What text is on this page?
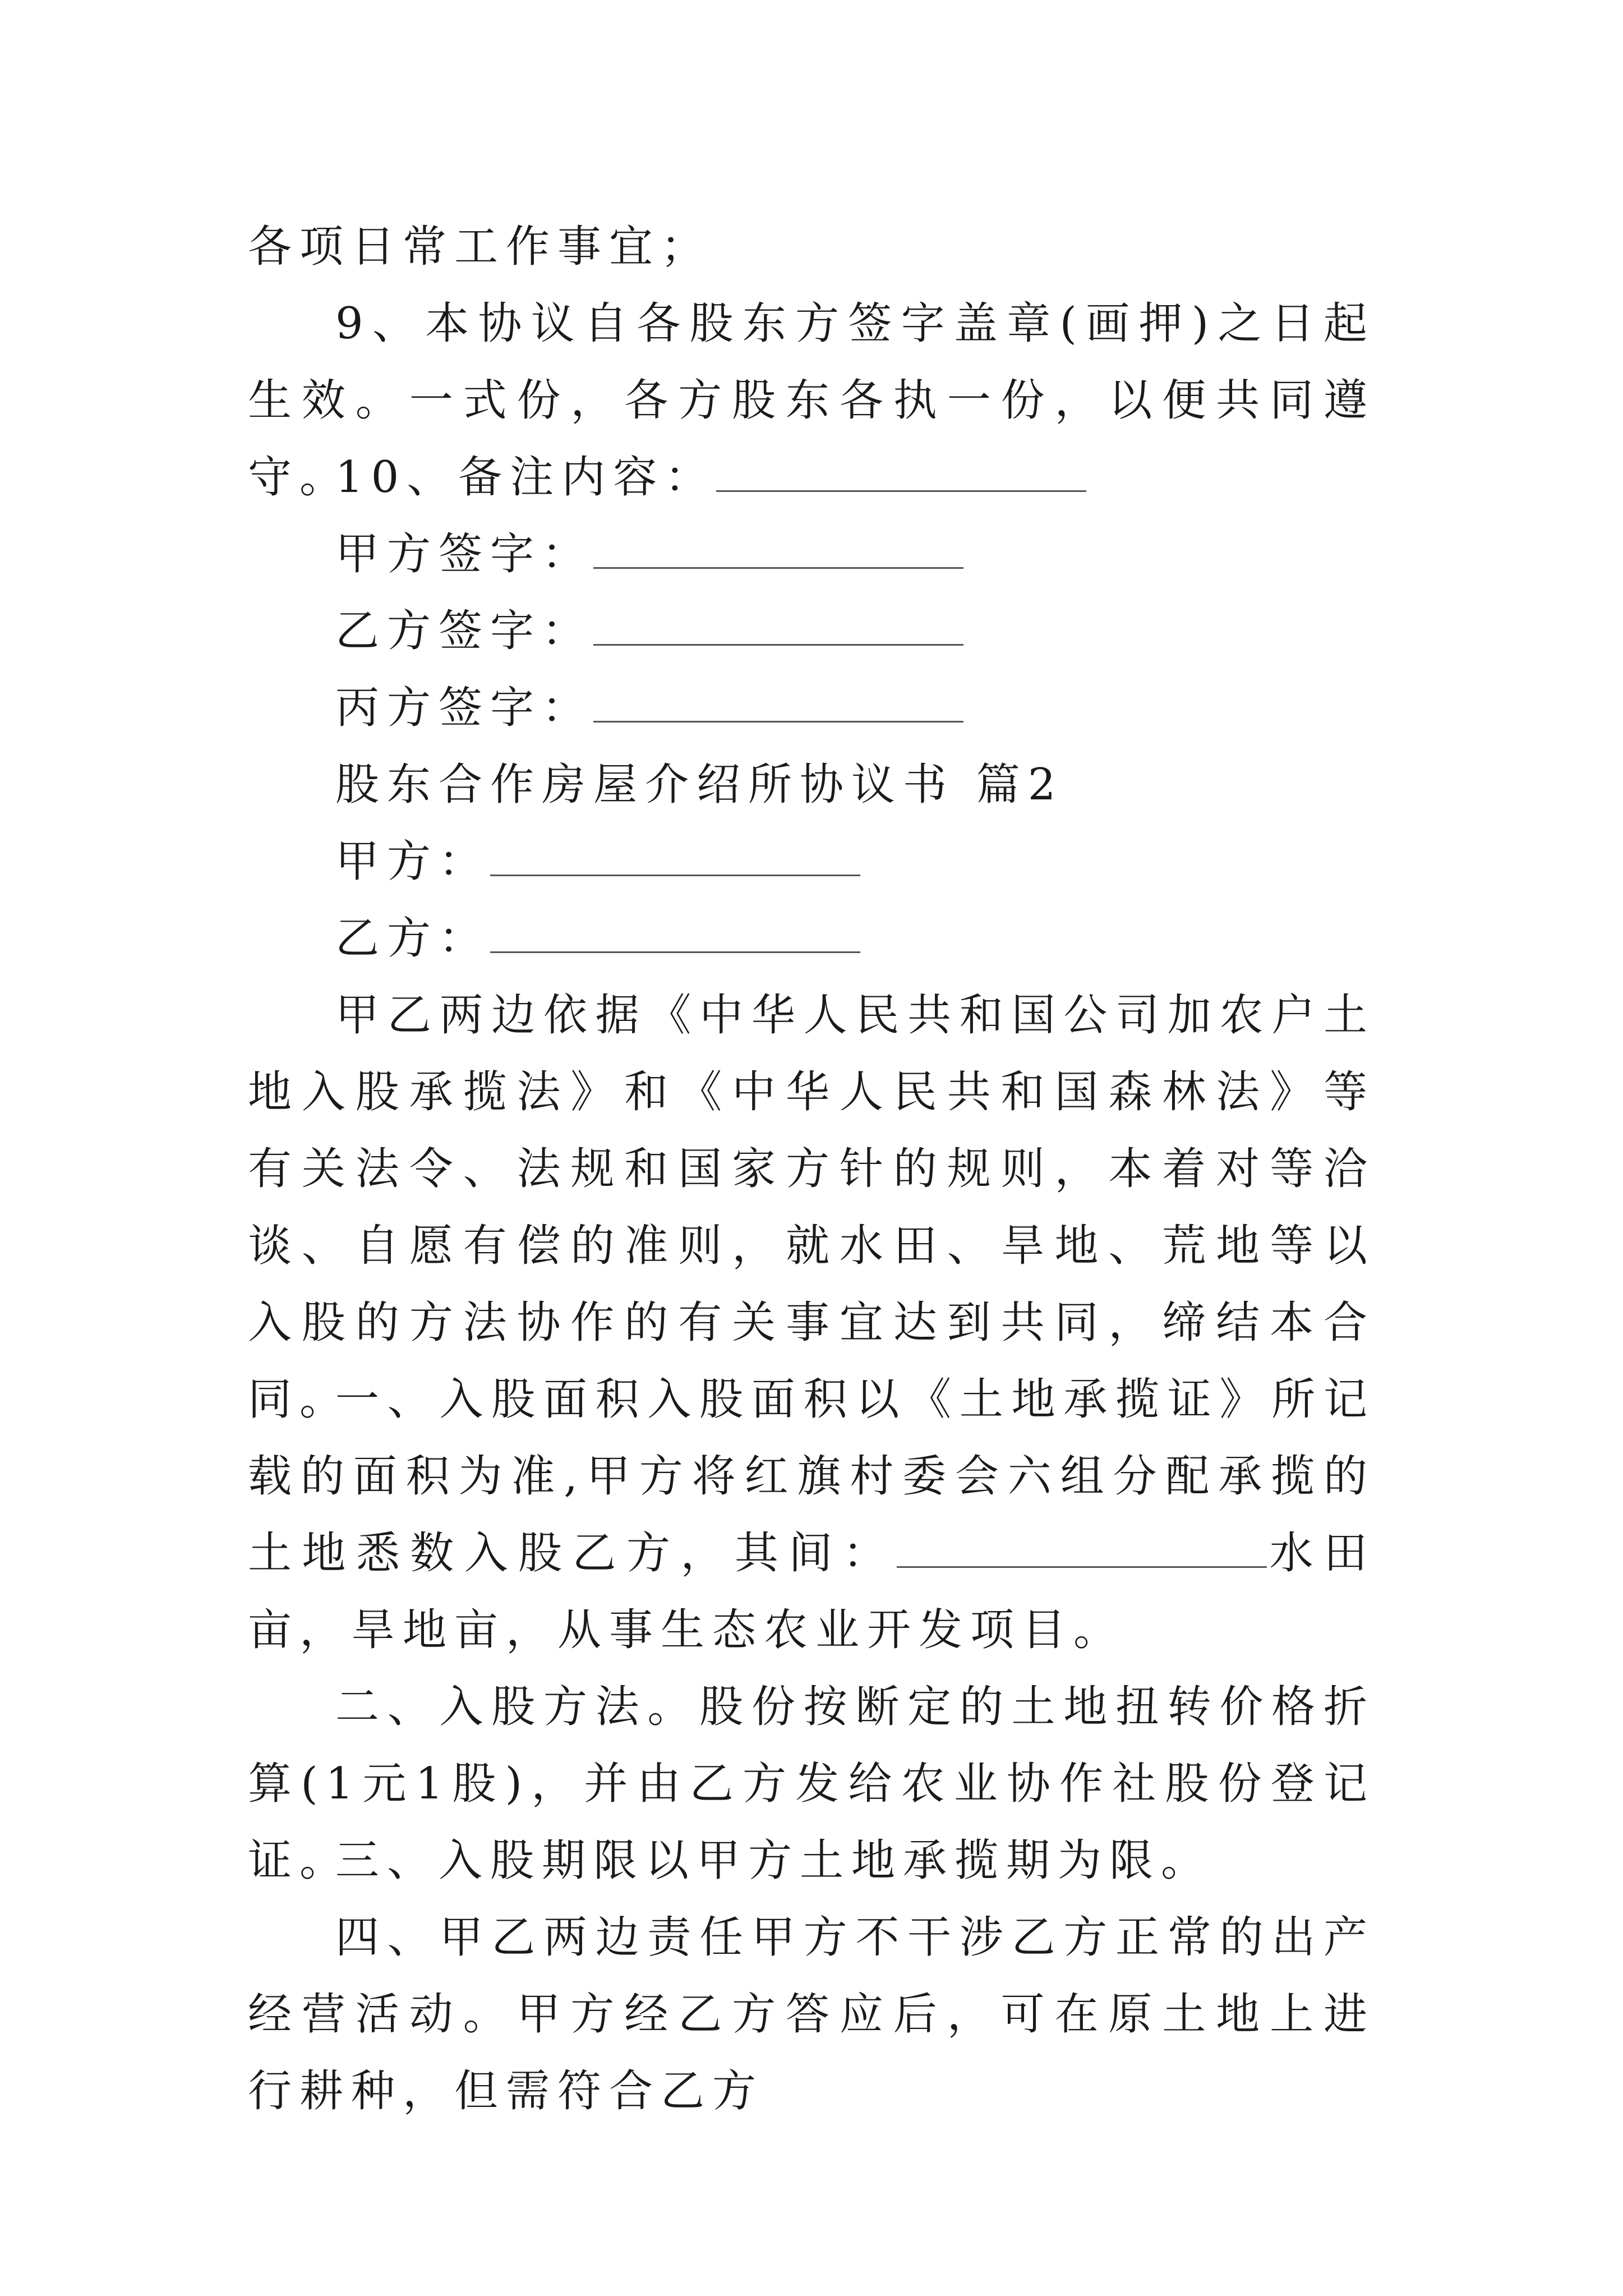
各项日常工作事宜；
9、本协议自各股东方签字盖章(画押)之日起生效。一式份，各方股东各执一份，以便共同遵守。
10、备注内容：
甲方签字：
乙方签字：
丙方签字：
股东合作房屋介绍所协议书 篇2
甲方：
乙方：
甲乙两边依据《中华人民共和国公司加农户土地入股承揽法》和《中华人民共和国森林法》等有关法令、法规和国家方针的规则，本着对等洽谈、自愿有偿的准则，就水田、旱地、荒地等以入股的方法协作的有关事宜达到共同，缔结本合同。
一、入股面积入股面积以《土地承揽证》所记载的面积为准,甲方将红旗村委会六组分配承揽的土地悉数入股乙方，其间：	水田亩，旱地亩，从事生态农业开发项目。
二、入股方法。股份按断定的土地扭转价格折算(1元1股)，并由乙方发给农业协作社股份登记证。
三、入股期限以甲方土地承揽期为限。
四、甲乙两边责任甲方不干涉乙方正常的出产经营活动。甲方经乙方答应后，可在原土地上进行耕种，但需符合乙方
